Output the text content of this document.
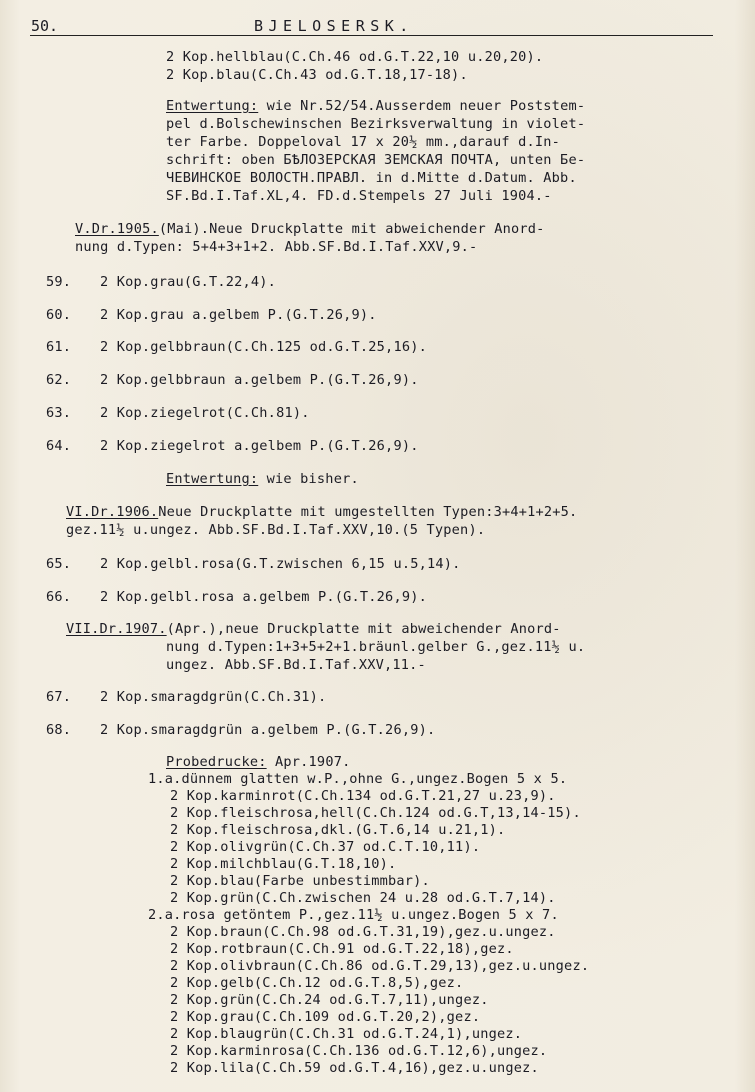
50.	BJELOSERSK.
2 Kop.hellblau(C.Ch.46 od.G.T.22,10 u.20,20).
2 Kop.blau(C.Ch.43 od.G.T.18,17-18).
Entwertung: wie Nr.52/54.Ausserdem neuer Poststem-
pel d.Bolschewinschen Bezirksverwaltung in violet-
ter Farbe. Doppeloval 17 x 20½ mm.,darauf d.In-
schrift: oben БѢЛОЗЕРСКАЯ ЗЕМСКАЯ ПОЧТА, unten Бе-
ЧЕВИНСКОЕ ВОЛОСТН.ПРАВЛ. in d.Mitte d.Datum. Abb.
SF.Bd.I.Taf.XL,4. FD.d.Stempels 27 Juli 1904.-
V.Dr.1905.(Mai).Neue Druckplatte mit abweichender Anord-
nung d.Typen: 5+4+3+1+2. Abb.SF.Bd.I.Taf.XXV,9.-
59. 2 Kop.grau(G.T.22,4).
60. 2 Kop.grau a.gelbem P.(G.T.26,9).
61. 2 Kop.gelbbraun(C.Ch.125 od.G.T.25,16).
62. 2 Kop.gelbbraun a.gelbem P.(G.T.26,9).
63. 2 Kop.ziegelrot(C.Ch.81).
64. 2 Kop.ziegelrot a.gelbem P.(G.T.26,9).
Entwertung: wie bisher.
VI.Dr.1906.Neue Druckplatte mit umgestellten Typen:3+4+1+2+5.
gez.11½ u.ungez. Abb.SF.Bd.I.Taf.XXV,10.(5 Typen).
65. 2 Kop.gelbl.rosa(G.T.zwischen 6,15 u.5,14).
66. 2 Kop.gelbl.rosa a.gelbem P.(G.T.26,9).
VII.Dr.1907.(Apr.),neue Druckplatte mit abweichender Anord-
nung d.Typen:1+3+5+2+1.bräunl.gelber G.,gez.11½ u.
ungez. Abb.SF.Bd.I.Taf.XXV,11.-
67. 2 Kop.smaragdgrün(C.Ch.31).
68. 2 Kop.smaragdgrün a.gelbem P.(G.T.26,9).
Probedrucke: Apr.1907.
1.a.dünnem glatten w.P.,ohne G.,ungez.Bogen 5 x 5.
2 Kop.karminrot(C.Ch.134 od.G.T.21,27 u.23,9).
2 Kop.fleischrosa,hell(C.Ch.124 od.G.T,13,14-15).
2 Kop.fleischrosa,dkl.(G.T.6,14 u.21,1).
2 Kop.olivgrün(C.Ch.37 od.C.T.10,11).
2 Kop.milchblau(G.T.18,10).
2 Kop.blau(Farbe unbestimmbar).
2 Kop.grün(C.Ch.zwischen 24 u.28 od.G.T.7,14).
2.a.rosa getöntem P.,gez.11½ u.ungez.Bogen 5 x 7.
2 Kop.braun(C.Ch.98 od.G.T.31,19),gez.u.ungez.
2 Kop.rotbraun(C.Ch.91 od.G.T.22,18),gez.
2 Kop.olivbraun(C.Ch.86 od.G.T.29,13),gez.u.ungez.
2 Kop.gelb(C.Ch.12 od.G.T.8,5),gez.
2 Kop.grün(C.Ch.24 od.G.T.7,11),ungez.
2 Kop.grau(C.Ch.109 od.G.T.20,2),gez.
2 Kop.blaugrün(C.Ch.31 od.G.T.24,1),ungez.
2 Kop.karminrosa(C.Ch.136 od.G.T.12,6),ungez.
2 Kop.lila(C.Ch.59 od.G.T.4,16),gez.u.ungez.
